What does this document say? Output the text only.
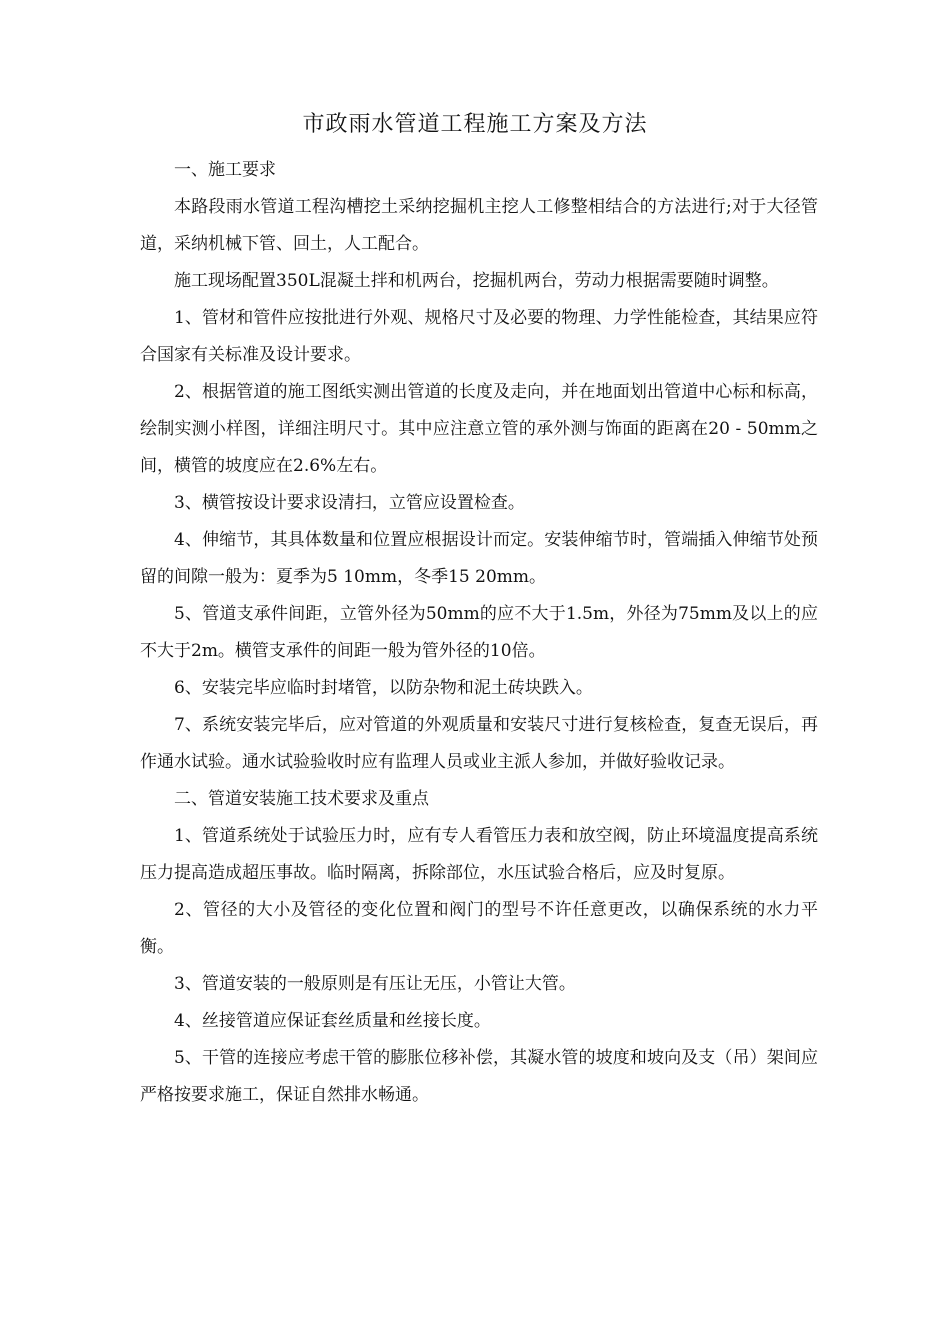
市政雨水管道工程施工方案及方法

一、施工要求

本路段雨水管道工程沟槽挖土采纳挖掘机主挖人工修整相结合的方法进行;对于大径管道，采纳机械下管、回土，人工配合。

施工现场配置350L混凝土拌和机两台，挖掘机两台，劳动力根据需要随时调整。

1、管材和管件应按批进行外观、规格尺寸及必要的物理、力学性能检查，其结果应符合国家有关标准及设计要求。

2、根据管道的施工图纸实测出管道的长度及走向，并在地面划出管道中心标和标高，绘制实测小样图，详细注明尺寸。其中应注意立管的承外测与饰面的距离在20 - 50mm之间，横管的坡度应在2.6%左右。

3、横管按设计要求设清扫，立管应设置检查。

4、伸缩节，其具体数量和位置应根据设计而定。安装伸缩节时，管端插入伸缩节处预留的间隙一般为：夏季为5 10mm，冬季15 20mm。

5、管道支承件间距，立管外径为50mm的应不大于1.5m，外径为75mm及以上的应不大于2m。横管支承件的间距一般为管外径的10倍。

6、安装完毕应临时封堵管，以防杂物和泥土砖块跌入。

7、系统安装完毕后，应对管道的外观质量和安装尺寸进行复核检查，复查无误后，再作通水试验。通水试验验收时应有监理人员或业主派人参加，并做好验收记录。

二、管道安装施工技术要求及重点

1、管道系统处于试验压力时，应有专人看管压力表和放空阀，防止环境温度提高系统压力提高造成超压事故。临时隔离，拆除部位，水压试验合格后，应及时复原。

2、管径的大小及管径的变化位置和阀门的型号不许任意更改，以确保系统的水力平衡。

3、管道安装的一般原则是有压让无压，小管让大管。

4、丝接管道应保证套丝质量和丝接长度。

5、干管的连接应考虑干管的膨胀位移补偿，其凝水管的坡度和坡向及支（吊）架间应严格按要求施工，保证自然排水畅通。
